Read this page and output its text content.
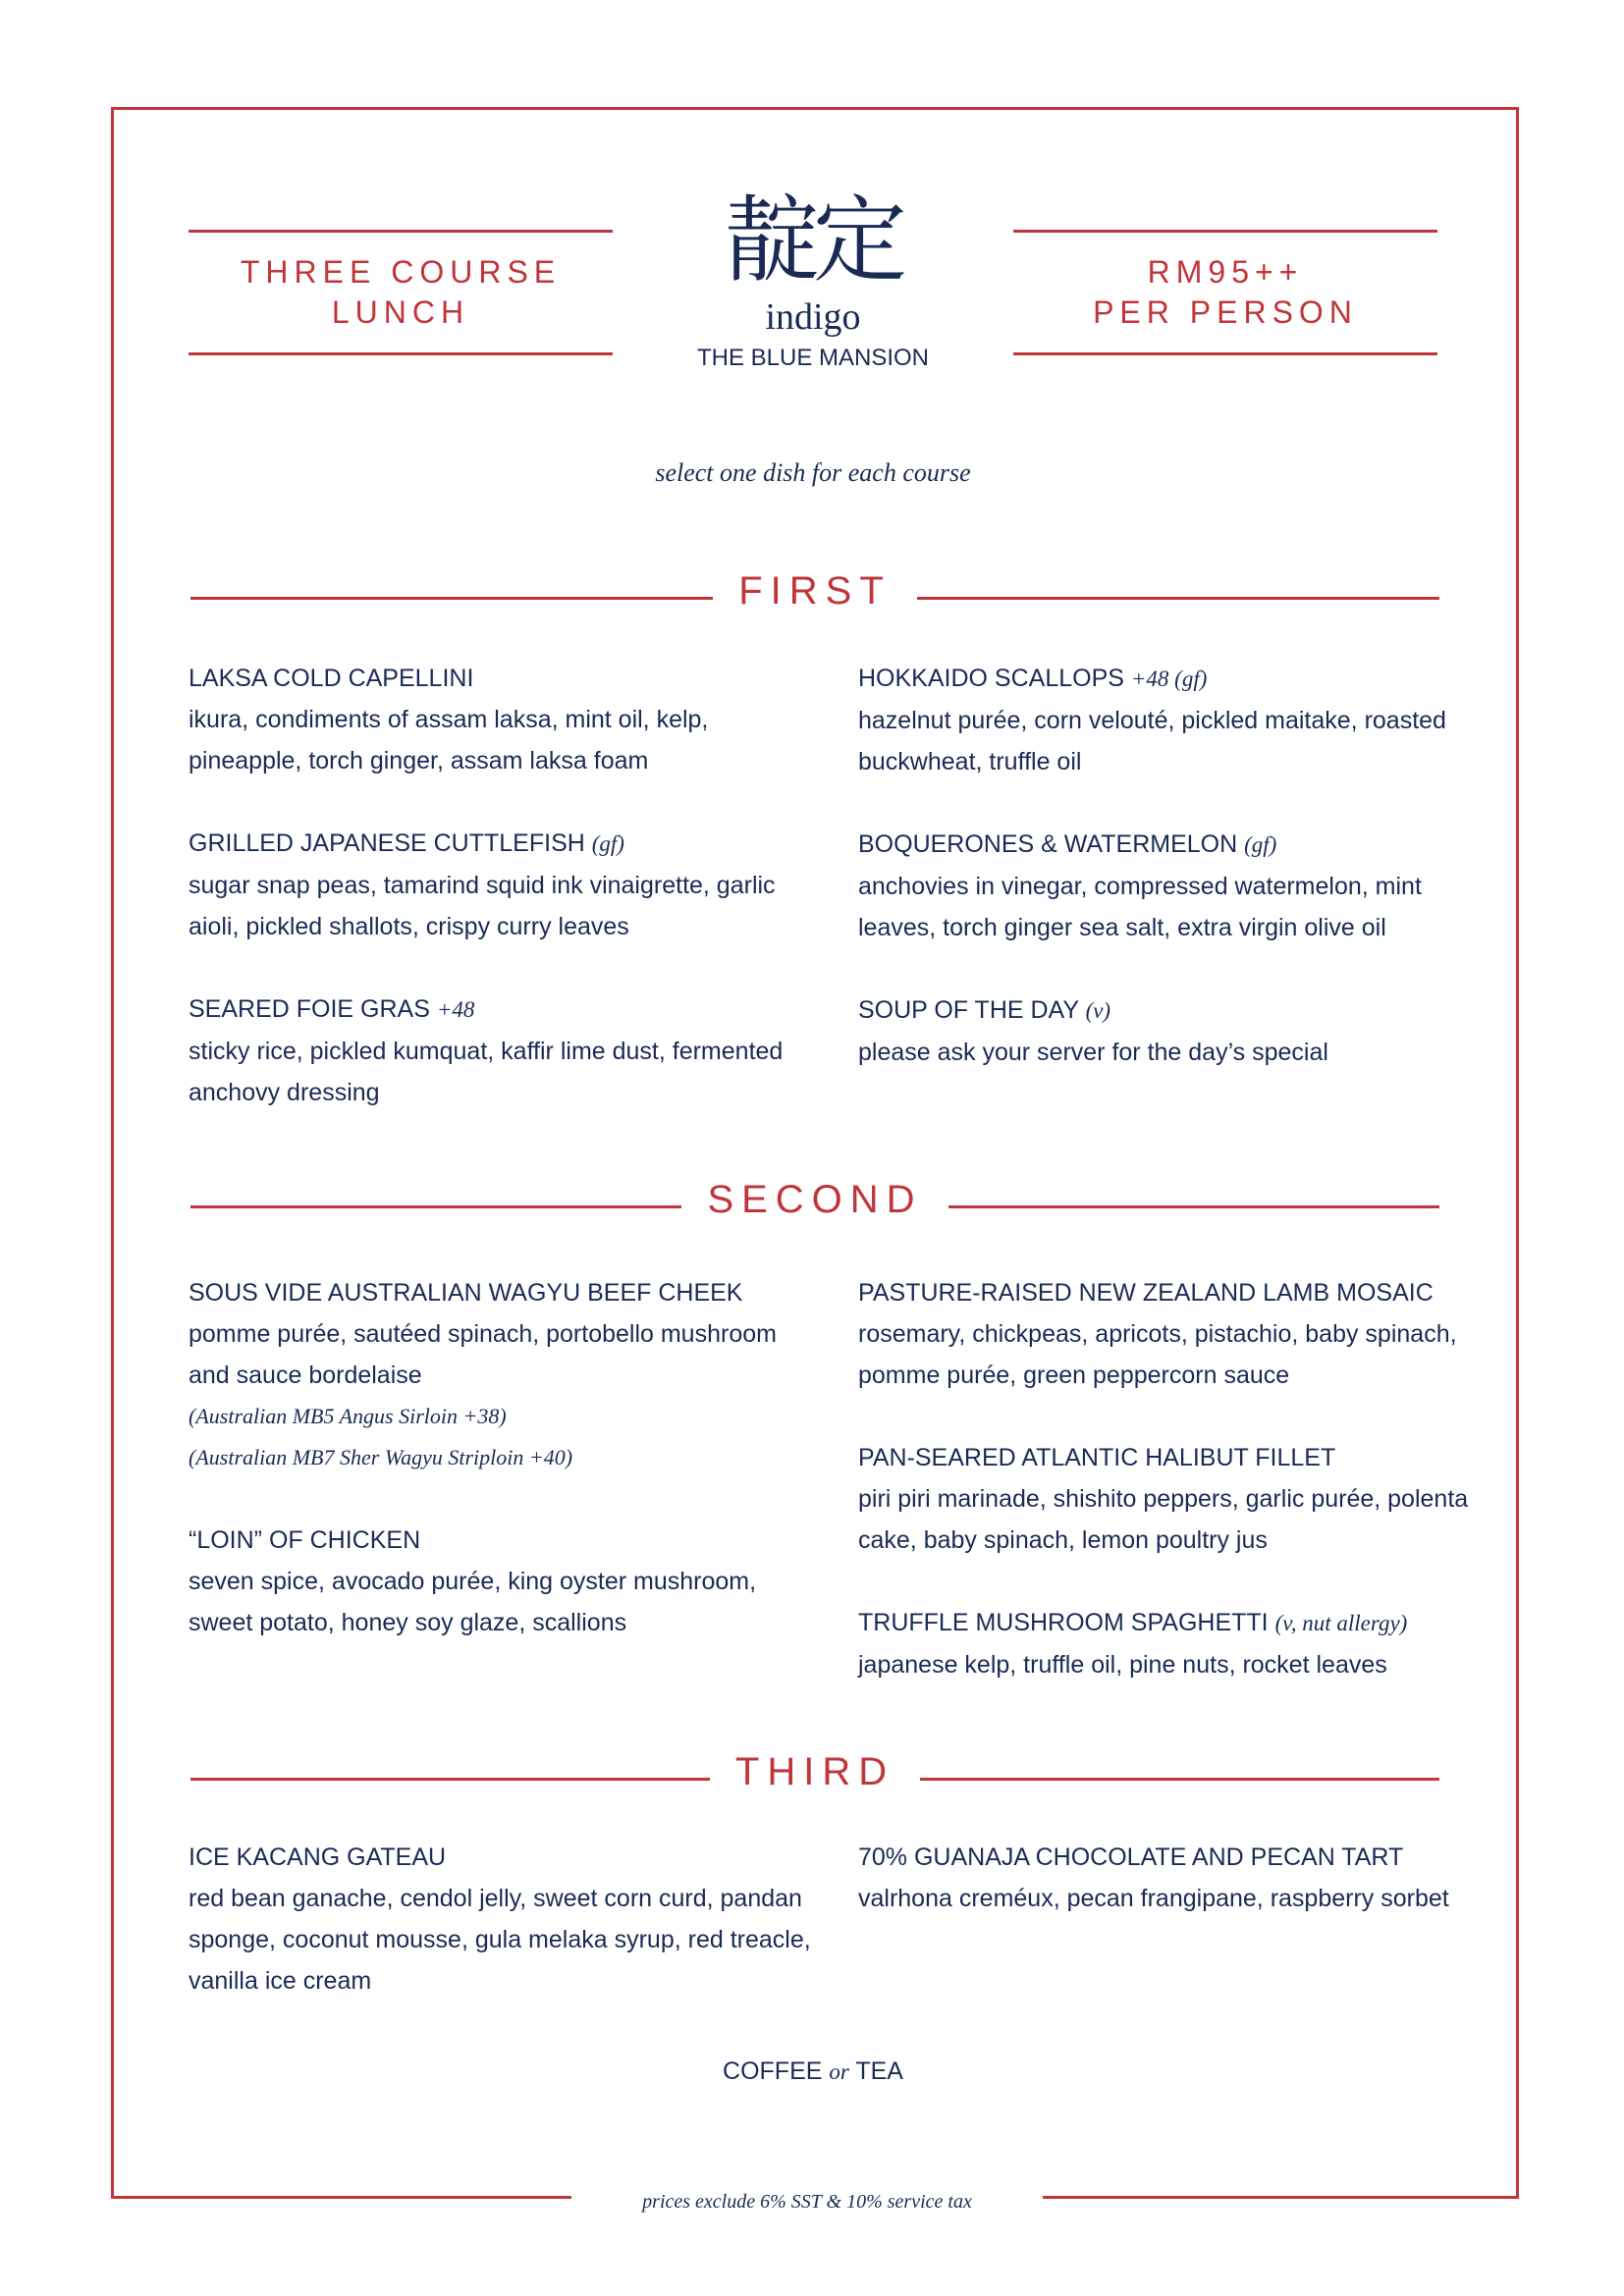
prices exclude 6% SST & 10% service tax
THREE COURSE
LUNCH
RM95++
PER PERSON
靛定
indigo
THE BLUE MANSION
select one dish for each course
FIRST
LAKSA COLD CAPELLINI
ikura, condiments of assam laksa, mint oil, kelp, pineapple, torch ginger, assam laksa foam
GRILLED JAPANESE CUTTLEFISH (gf)
sugar snap peas, tamarind squid ink vinaigrette, garlic aioli, pickled shallots, crispy curry leaves
SEARED FOIE GRAS +48
sticky rice, pickled kumquat, kaffir lime dust, fermented anchovy dressing
HOKKAIDO SCALLOPS +48 (gf)
hazelnut purée, corn velouté, pickled maitake, roasted buckwheat, truffle oil
BOQUERONES & WATERMELON (gf)
anchovies in vinegar, compressed watermelon, mint leaves, torch ginger sea salt, extra virgin olive oil
SOUP OF THE DAY (v)
please ask your server for the day’s special
SECOND
SOUS VIDE AUSTRALIAN WAGYU BEEF CHEEK
pomme purée, sautéed spinach, portobello mushroom and sauce bordelaise
(Australian MB5 Angus Sirloin +38)
(Australian MB7 Sher Wagyu Striploin +40)
“LOIN” OF CHICKEN
seven spice, avocado purée, king oyster mushroom, sweet potato, honey soy glaze, scallions
PASTURE-RAISED NEW ZEALAND LAMB MOSAIC
rosemary, chickpeas, apricots, pistachio, baby spinach, pomme purée, green peppercorn sauce
PAN-SEARED ATLANTIC HALIBUT FILLET
piri piri marinade, shishito peppers, garlic purée, polenta cake, baby spinach, lemon poultry jus
TRUFFLE MUSHROOM SPAGHETTI (v, nut allergy)
japanese kelp, truffle oil, pine nuts, rocket leaves
THIRD
ICE KACANG GATEAU
red bean ganache, cendol jelly, sweet corn curd, pandan sponge, coconut mousse, gula melaka syrup, red treacle, vanilla ice cream
70% GUANAJA CHOCOLATE AND PECAN TART
valrhona creméux, pecan frangipane, raspberry sorbet
COFFEE or TEA
